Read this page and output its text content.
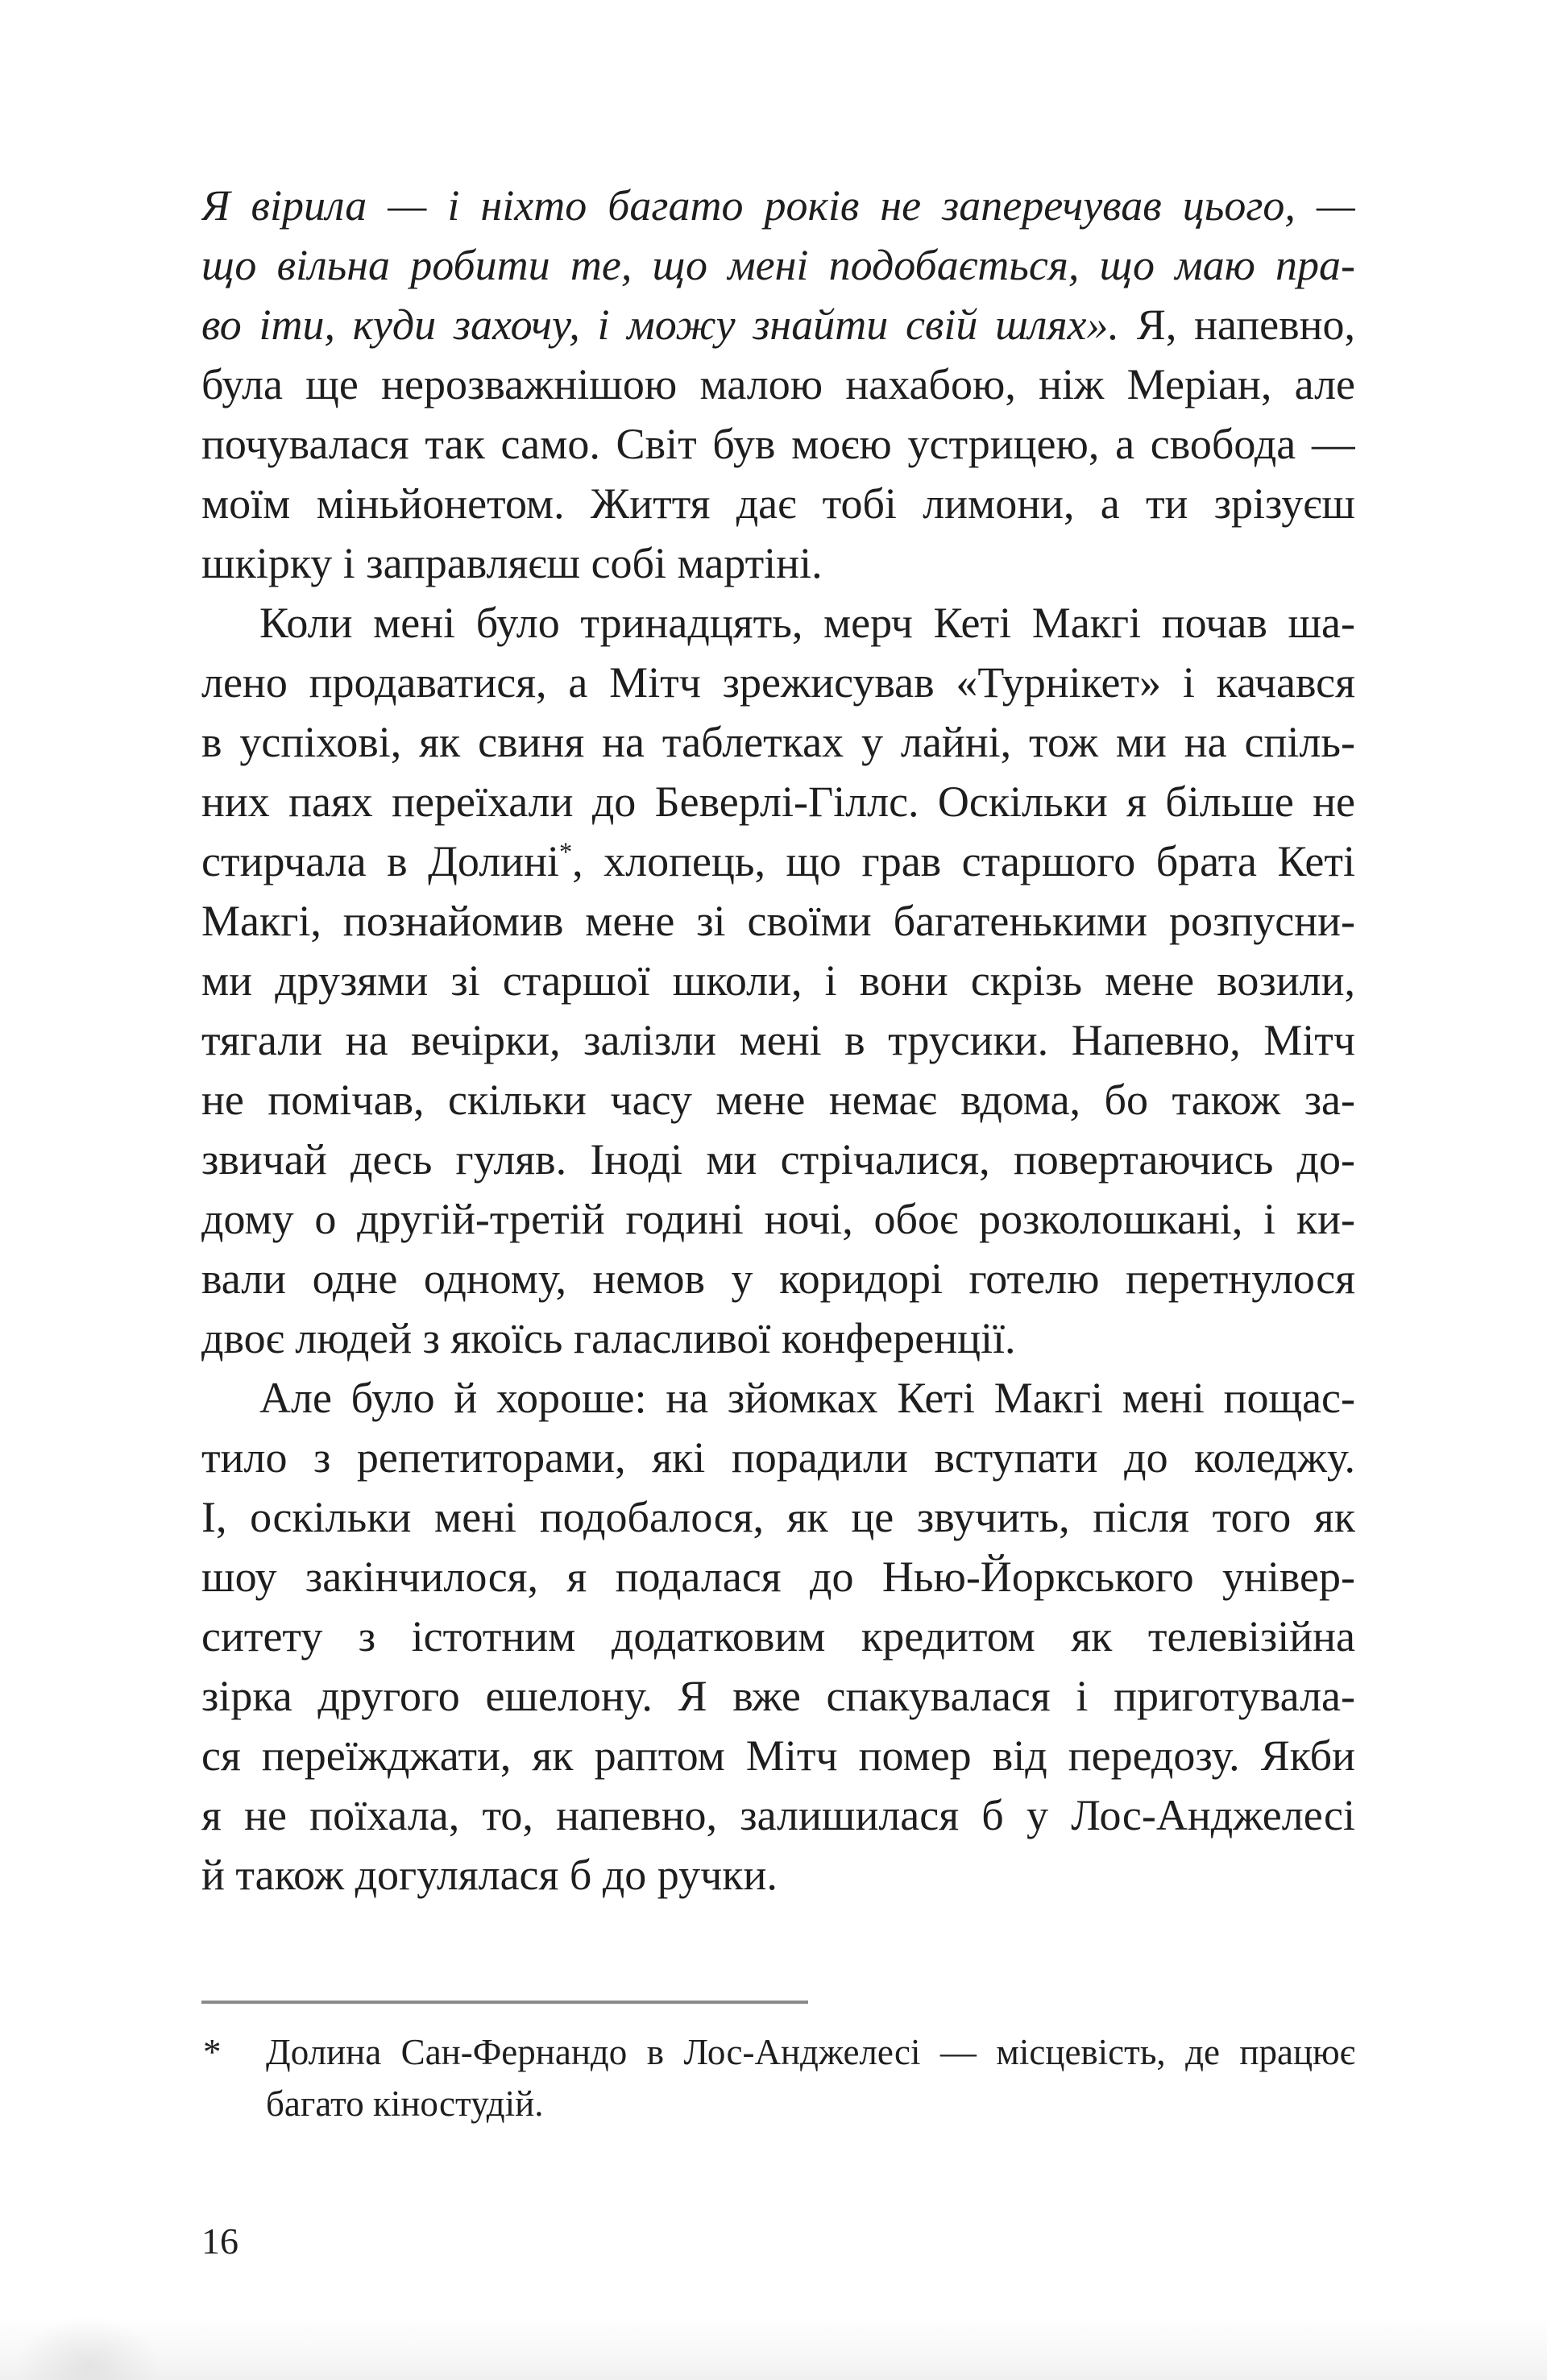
Я вірила — і ніхто багато років не заперечував цього, —
що вільна робити те, що мені подобається, що маю пра-
во іти, куди захочу, і можу знайти свій шлях». Я, напевно,
була ще нерозважнішою малою нахабою, ніж Меріан, але
почувалася так само. Світ був моєю устрицею, а свобода —
моїм міньйонетом. Життя дає тобі лимони, а ти зрізуєш
шкірку і заправляєш собі мартіні.
Коли мені було тринадцять, мерч Кеті Макгі почав ша-
лено продаватися, а Мітч зрежисував «Турнікет» і качався
в успіхові, як свиня на таблетках у лайні, тож ми на спіль-
них паях переїхали до Беверлі-Гіллс. Оскільки я більше не
стирчала в Долині*, хлопець, що грав старшого брата Кеті
Макгі, познайомив мене зі своїми багатенькими розпусни-
ми друзями зі старшої школи, і вони скрізь мене возили,
тягали на вечірки, залізли мені в трусики. Напевно, Мітч
не помічав, скільки часу мене немає вдома, бо також за-
звичай десь гуляв. Іноді ми стрічалися, повертаючись до-
дому о другій-третій годині ночі, обоє розколошкані, і ки-
вали одне одному, немов у коридорі готелю перетнулося
двоє людей з якоїсь галасливої конференції.
Але було й хороше: на зйомках Кеті Макгі мені пощас-
тило з репетиторами, які порадили вступати до коледжу.
І, оскільки мені подобалося, як це звучить, після того як
шоу закінчилося, я подалася до Нью-Йоркського універ-
ситету з істотним додатковим кредитом як телевізійна
зірка другого ешелону. Я вже спакувалася і приготувала-
ся переїжджати, як раптом Мітч помер від передозу. Якби
я не поїхала, то, напевно, залишилася б у Лос-Анджелесі
й також догулялася б до ручки.
* Долина Сан-Фернандо в Лос-Анджелесі — місцевість, де працює
багато кіностудій.
16
